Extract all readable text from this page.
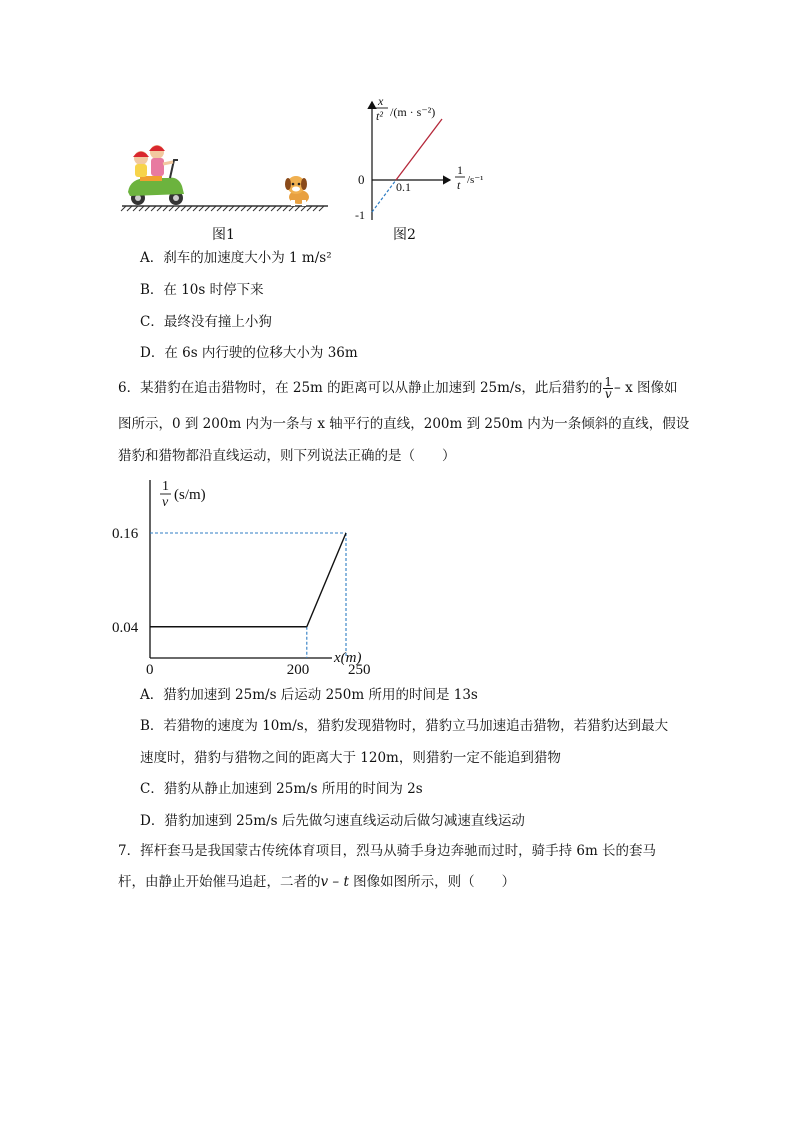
图1
0	0.1
-1
x
t² /(m · s⁻²)
1
t /s⁻¹
图2
A．刹车的加速度大小为 1 m/s²
B．在 10s 时停下来
C．最终没有撞上小狗
D．在 6s 内行驶的位移大小为 36m
6．某猎豹在追击猎物时，在 25m 的距离可以从静止加速到 25m/s，此后猎豹的 $\frac{1}{v}$ – x 图像如
图所示，0 到 200m 内为一条与 x 轴平行的直线，200m 到 250m 内为一条倾斜的直线，假设
猎豹和猎物都沿直线运动，则下列说法正确的是（　　）
0.04
0.16
0	200	250
1
v (s/m)
x(m)
A．猎豹加速到 25m/s 后运动 250m 所用的时间是 13s
B．若猎物的速度为 10m/s，猎豹发现猎物时，猎豹立马加速追击猎物，若猎豹达到最大
速度时，猎豹与猎物之间的距离大于 120m，则猎豹一定不能追到猎物
C．猎豹从静止加速到 25m/s 所用的时间为 2s
D．猎豹加速到 25m/s 后先做匀速直线运动后做匀减速直线运动
7．挥杆套马是我国蒙古传统体育项目，烈马从骑手身边奔驰而过时，骑手持 6m 长的套马
杆，由静止开始催马追赶，二者的v – t 图像如图所示，则（　　）
